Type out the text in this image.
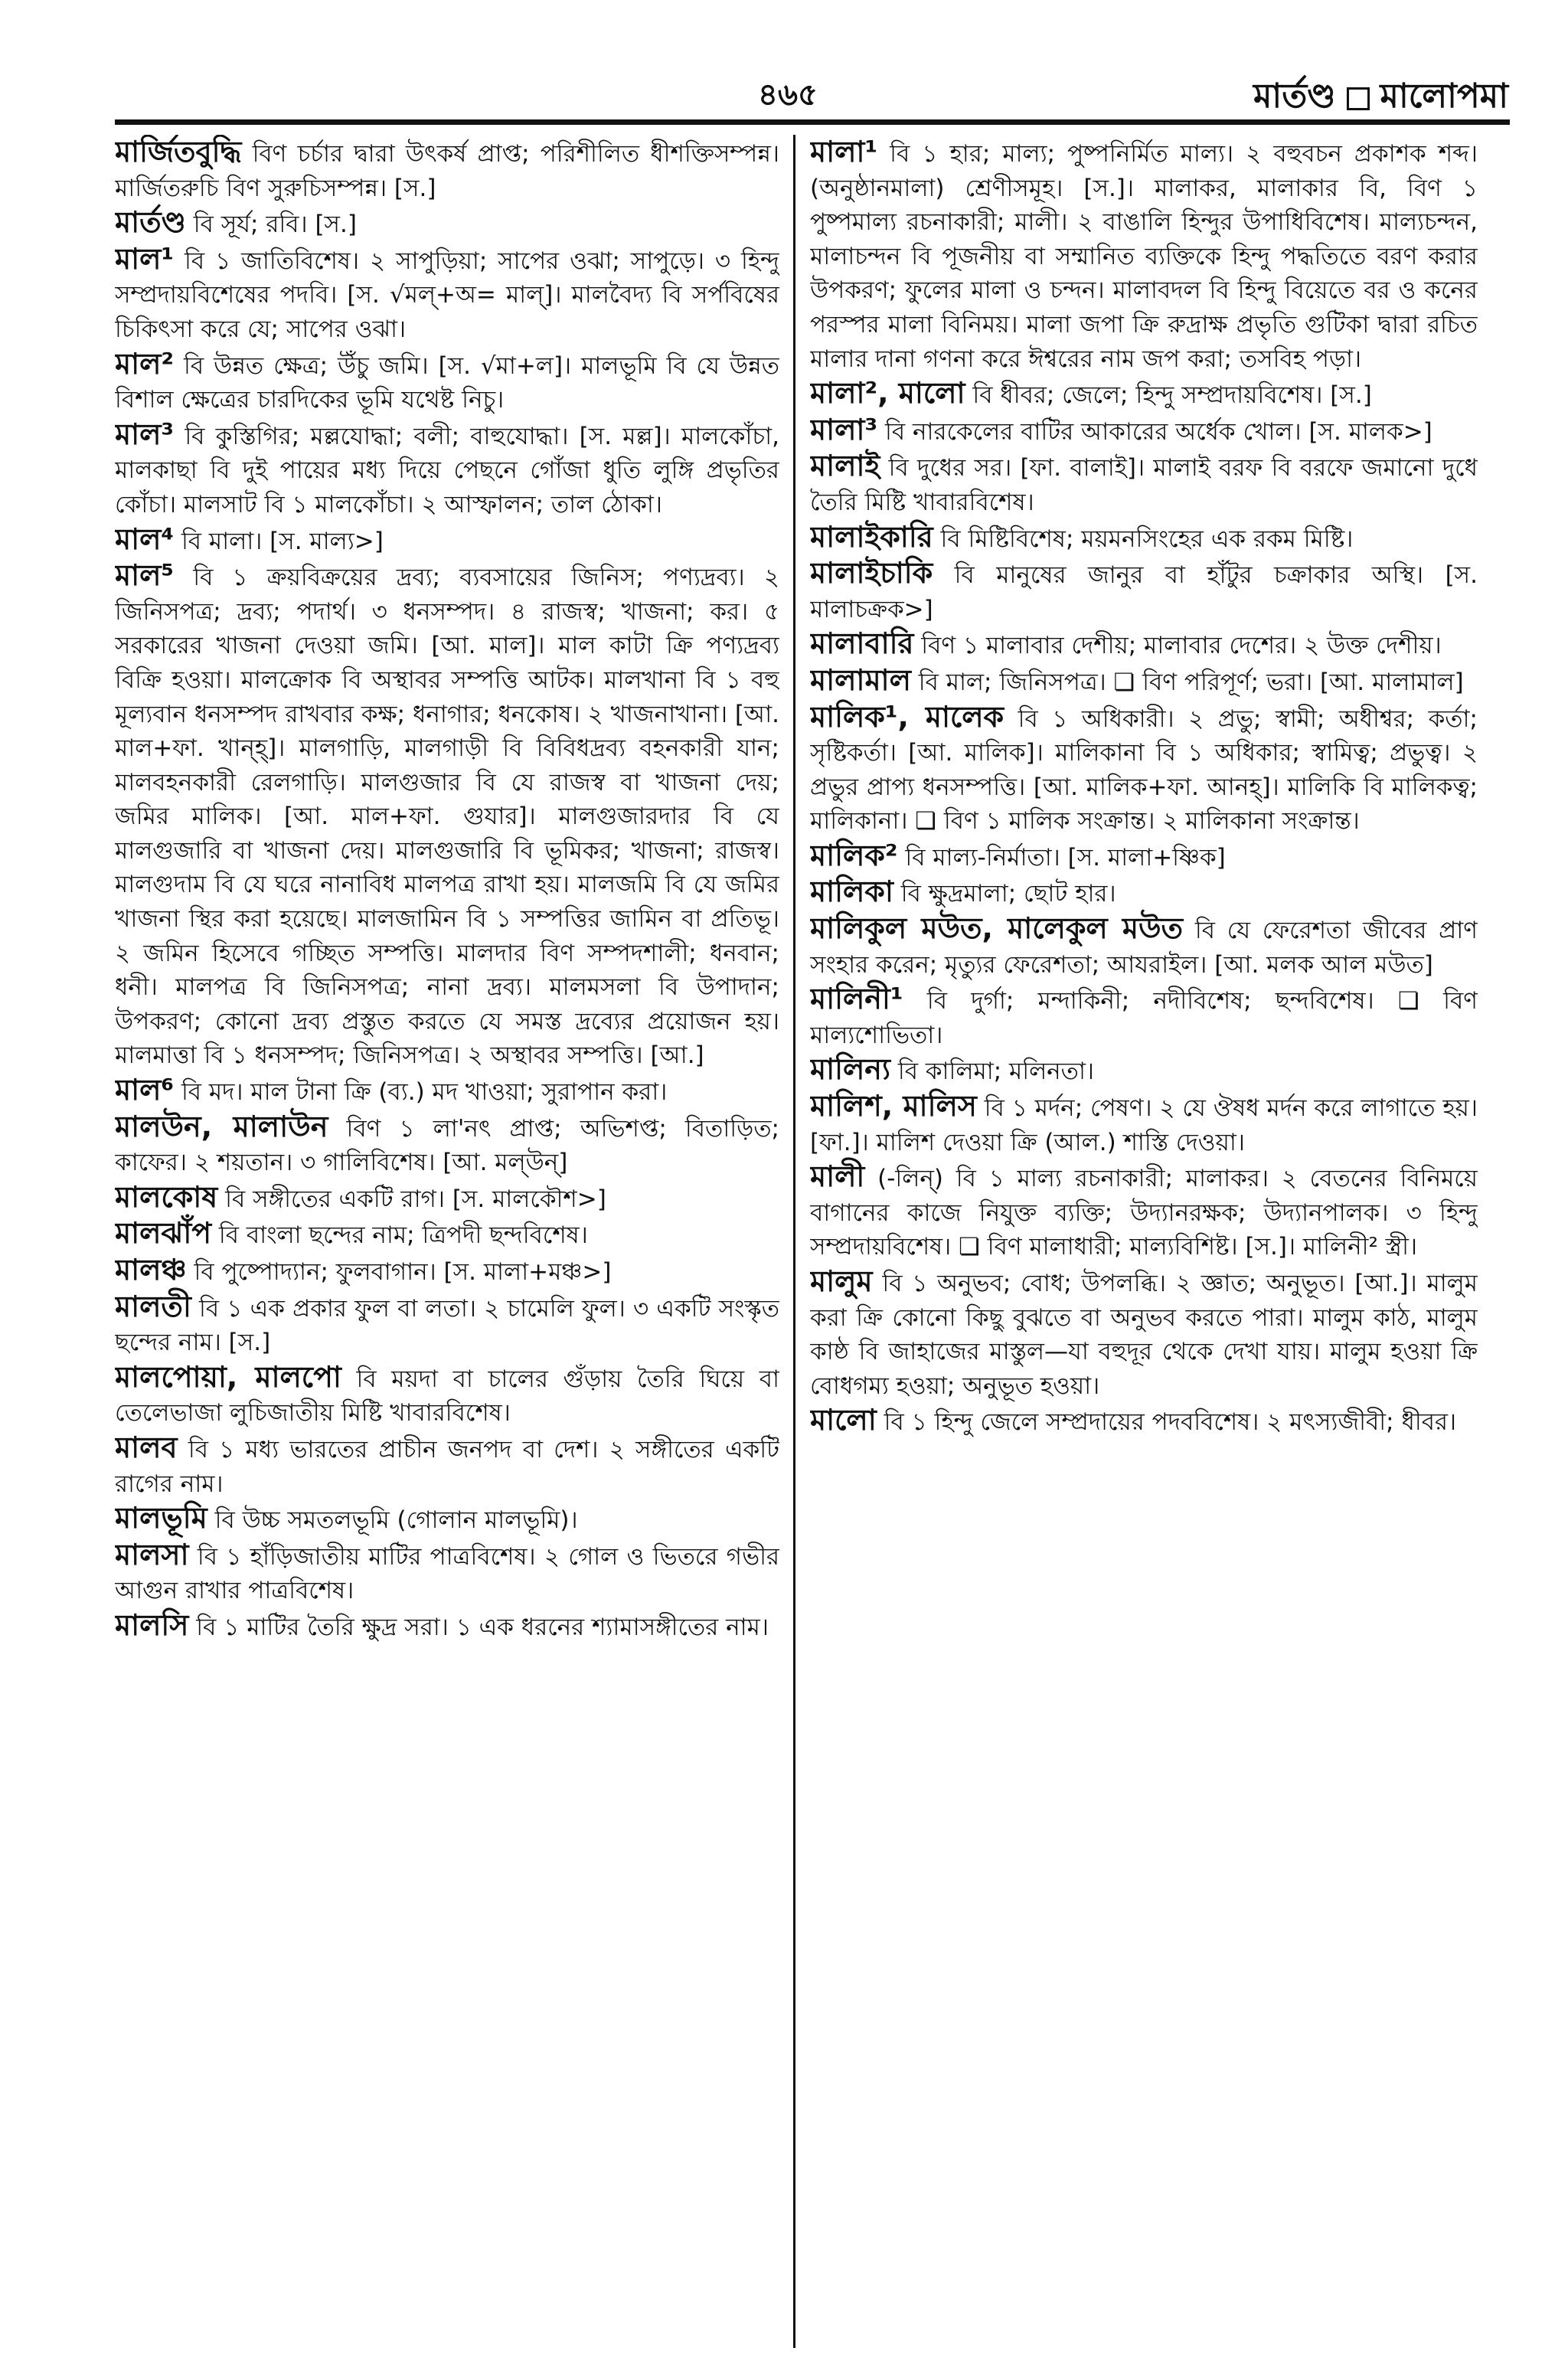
৪৬৫	মার্তণ্ড মালোপমা

মার্জিতবুদ্ধি বিণ চর্চার দ্বারা উৎকর্ষ প্রাপ্ত; পরিশীলিত ধীশক্তিসম্পন্ন। মার্জিতরুচি বিণ সুরুচিসম্পন্ন। [স.]

মার্তণ্ড বি সূর্য; রবি। [স.]

মাল¹ বি ১ জাতিবিশেষ। ২ সাপুড়িয়া; সাপের ওঝা; সাপুড়ে। ৩ হিন্দু সম্প্রদায়বিশেষের পদবি। [স. √মল্+অ= মাল্]। মালবৈদ্য বি সর্পবিষের চিকিৎসা করে যে; সাপের ওঝা।

মাল² বি উন্নত ক্ষেত্র; উঁচু জমি। [স. √মা+ল]। মালভূমি বি যে উন্নত বিশাল ক্ষেত্রের চারদিকের ভূমি যথেষ্ট নিচু।

মাল³ বি কুস্তিগির; মল্লযোদ্ধা; বলী; বাহুযোদ্ধা। [স. মল্ল]। মালকোঁচা, মালকাছা বি দুই পায়ের মধ্য দিয়ে পেছনে গোঁজা ধুতি লুঙ্গি প্রভৃতির কোঁচা। মালসাট বি ১ মালকোঁচা। ২ আস্ফালন; তাল ঠোকা।

মাল⁴ বি মালা। [স. মাল্য>]

মাল⁵ বি ১ ক্রয়বিক্রয়ের দ্রব্য; ব্যবসায়ের জিনিস; পণ্যদ্রব্য। ২ জিনিসপত্র; দ্রব্য; পদার্থ। ৩ ধনসম্পদ। ৪ রাজস্ব; খাজনা; কর। ৫ সরকারের খাজনা দেওয়া জমি। [আ. মাল]। মাল কাটা ক্রি পণ্যদ্রব্য বিক্রি হওয়া। মালক্রোক বি অস্থাবর সম্পত্তি আটক। মালখানা বি ১ বহু মূল্যবান ধনসম্পদ রাখবার কক্ষ; ধনাগার; ধনকোষ। ২ খাজনাখানা। [আ. মাল+ফা. খান্‌হ্]। মালগাড়ি, মালগাড়ী বি বিবিধদ্রব্য বহনকারী যান; মালবহনকারী রেলগাড়ি। মালগুজার বি যে রাজস্ব বা খাজনা দেয়; জমির মালিক। [আ. মাল+ফা. গুযার]। মালগুজারদার বি যে মালগুজারি বা খাজনা দেয়। মালগুজারি বি ভূমিকর; খাজনা; রাজস্ব। মালগুদাম বি যে ঘরে নানাবিধ মালপত্র রাখা হয়। মালজমি বি যে জমির খাজনা স্থির করা হয়েছে। মালজামিন বি ১ সম্পত্তির জামিন বা প্রতিভূ। ২ জমিন হিসেবে গচ্ছিত সম্পত্তি। মালদার বিণ সম্পদশালী; ধনবান; ধনী। মালপত্র বি জিনিসপত্র; নানা দ্রব্য। মালমসলা বি উপাদান; উপকরণ; কোনো দ্রব্য প্রস্তুত করতে যে সমস্ত দ্রব্যের প্রয়োজন হয়। মালমাত্তা বি ১ ধনসম্পদ; জিনিসপত্র। ২ অস্থাবর সম্পত্তি। [আ.]

মাল⁶ বি মদ। মাল টানা ক্রি (ব্য.) মদ খাওয়া; সুরাপান করা।

মালউন, মালাউন বিণ ১ লা'নৎ প্রাপ্ত; অভিশপ্ত; বিতাড়িত; কাফের। ২ শয়তান। ৩ গালিবিশেষ। [আ. মল্‌উন্]

মালকোষ বি সঙ্গীতের একটি রাগ। [স. মালকৌশ>]

মালঝাঁপ বি বাংলা ছন্দের নাম; ত্রিপদী ছন্দবিশেষ।

মালঞ্চ বি পুষ্পোদ্যান; ফুলবাগান। [স. মালা+মঞ্চ>]

মালতী বি ১ এক প্রকার ফুল বা লতা। ২ চামেলি ফুল। ৩ একটি সংস্কৃত ছন্দের নাম। [স.]

মালপোয়া, মালপো বি ময়দা বা চালের গুঁড়ায় তৈরি ঘিয়ে বা তেলেভাজা লুচিজাতীয় মিষ্টি খাবারবিশেষ।

মালব বি ১ মধ্য ভারতের প্রাচীন জনপদ বা দেশ। ২ সঙ্গীতের একটি রাগের নাম।

মালভূমি বি উচ্চ সমতলভূমি (গোলান মালভূমি)।

মালসা বি ১ হাঁড়িজাতীয় মাটির পাত্রবিশেষ। ২ গোল ও ভিতরে গভীর আগুন রাখার পাত্রবিশেষ।

মালসি বি ১ মাটির তৈরি ক্ষুদ্র সরা। ১ এক ধরনের শ্যামাসঙ্গীতের নাম।

মালা¹ বি ১ হার; মাল্য; পুষ্পনির্মিত মাল্য। ২ বহুবচন প্রকাশক শব্দ। (অনুষ্ঠানমালা) শ্রেণীসমূহ। [স.]। মালাকর, মালাকার বি, বিণ ১ পুষ্পমাল্য রচনাকারী; মালী। ২ বাঙালি হিন্দুর উপাধিবিশেষ। মাল্যচন্দন, মালাচন্দন বি পূজনীয় বা সম্মানিত ব্যক্তিকে হিন্দু পদ্ধতিতে বরণ করার উপকরণ; ফুলের মালা ও চন্দন। মালাবদল বি হিন্দু বিয়েতে বর ও কনের পরস্পর মালা বিনিময়। মালা জপা ক্রি রুদ্রাক্ষ প্রভৃতি গুটিকা দ্বারা রচিত মালার দানা গণনা করে ঈশ্বরের নাম জপ করা; তসবিহ পড়া।

মালা², মালো বি ধীবর; জেলে; হিন্দু সম্প্রদায়বিশেষ। [স.]

মালা³ বি নারকেলের বাটির আকারের অর্ধেক খোল। [স. মালক>]

মালাই বি দুধের সর। [ফা. বালাই]। মালাই বরফ বি বরফে জমানো দুধে তৈরি মিষ্টি খাবারবিশেষ।

মালাইকারি বি মিষ্টিবিশেষ; ময়মনসিংহের এক রকম মিষ্টি।

মালাইচাকি বি মানুষের জানুর বা হাঁটুর চক্রাকার অস্থি। [স. মালাচক্রক>]

মালাবারি বিণ ১ মালাবার দেশীয়; মালাবার দেশের। ২ উক্ত দেশীয়।

মালামাল বি মাল; জিনিসপত্র। ❏ বিণ পরিপূর্ণ; ভরা। [আ. মালামাল]

মালিক¹, মালেক বি ১ অধিকারী। ২ প্রভু; স্বামী; অধীশ্বর; কর্তা; সৃষ্টিকর্তা। [আ. মালিক]। মালিকানা বি ১ অধিকার; স্বামিত্ব; প্রভুত্ব। ২ প্রভুর প্রাপ্য ধনসম্পত্তি। [আ. মালিক+ফা. আনহ্]। মালিকি বি মালিকত্ব; মালিকানা। ❏ বিণ ১ মালিক সংক্রান্ত। ২ মালিকানা সংক্রান্ত।

মালিক² বি মাল্য-নির্মাতা। [স. মালা+ষ্ণিক]

মালিকা বি ক্ষুদ্রমালা; ছোট হার।

মালিকুল মউত, মালেকুল মউত বি যে ফেরেশতা জীবের প্রাণ সংহার করেন; মৃত্যুর ফেরেশতা; আযরাইল। [আ. মলক আল মউত]

মালিনী¹ বি দুর্গা; মন্দাকিনী; নদীবিশেষ; ছন্দবিশেষ। ❏ বিণ মাল্যশোভিতা।

মালিন্য বি কালিমা; মলিনতা।

মালিশ, মালিস বি ১ মর্দন; পেষণ। ২ যে ঔষধ মর্দন করে লাগাতে হয়। [ফা.]। মালিশ দেওয়া ক্রি (আল.) শাস্তি দেওয়া।

মালী (-লিন্) বি ১ মাল্য রচনাকারী; মালাকর। ২ বেতনের বিনিময়ে বাগানের কাজে নিযুক্ত ব্যক্তি; উদ্যানরক্ষক; উদ্যানপালক। ৩ হিন্দু সম্প্রদায়বিশেষ। ❏ বিণ মালাধারী; মাল্যবিশিষ্ট। [স.]। মালিনী² স্ত্রী।

মালুম বি ১ অনুভব; বোধ; উপলব্ধি। ২ জ্ঞাত; অনুভূত। [আ.]। মালুম করা ক্রি কোনো কিছু বুঝতে বা অনুভব করতে পারা। মালুম কাঠ, মালুম কাষ্ঠ বি জাহাজের মাস্তুল—যা বহুদূর থেকে দেখা যায়। মালুম হওয়া ক্রি বোধগম্য হওয়া; অনুভূত হওয়া।

মালো বি ১ হিন্দু জেলে সম্প্রদায়ের পদববিশেষ। ২ মৎস্যজীবী; ধীবর।
